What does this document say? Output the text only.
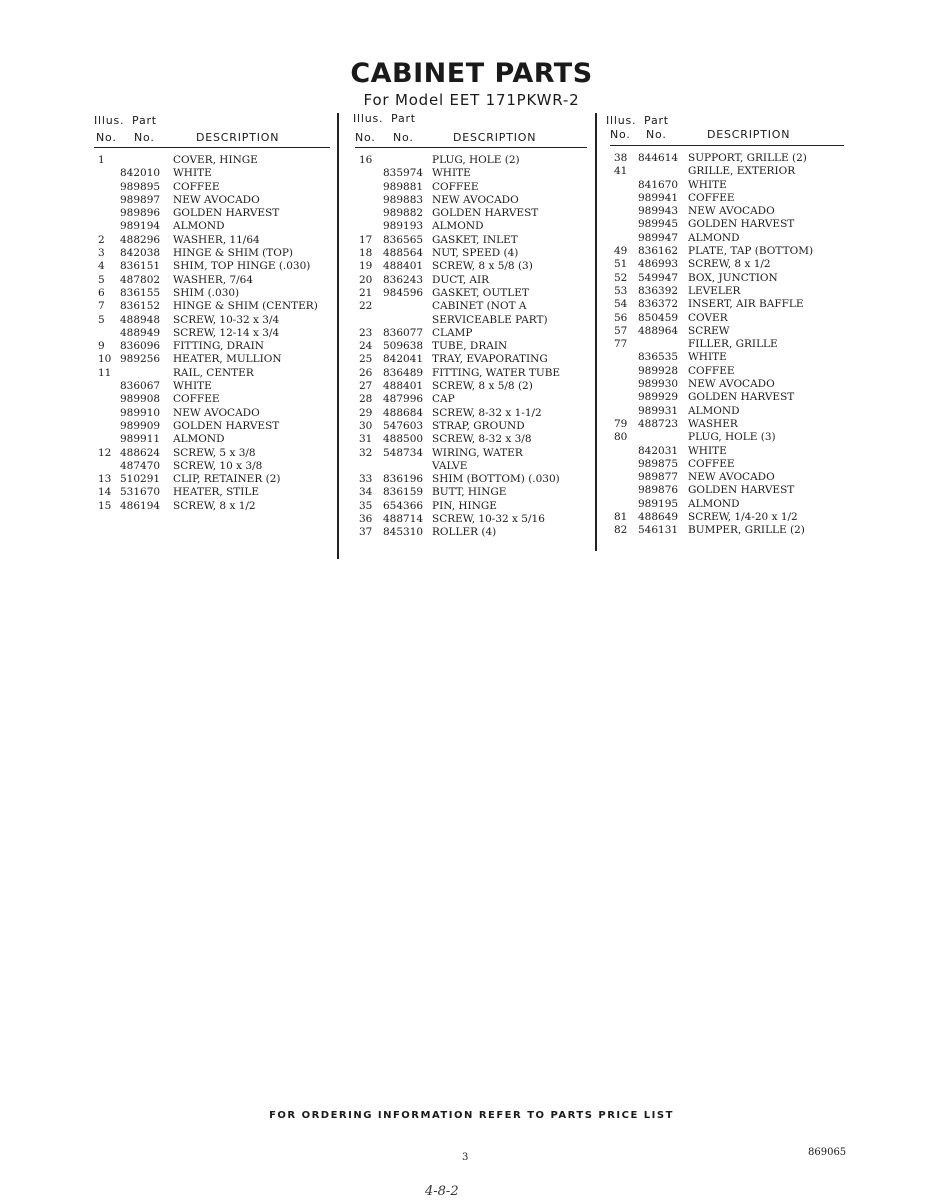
CABINET PARTS
For Model EET 171PKWR-2
Illus.
No.
Part
No.	DESCRIPTION
1	COVER, HINGE
842010 WHITE
989895 COFFEE
989897 NEW AVOCADO
989896 GOLDEN HARVEST
989194 ALMOND
2 488296 WASHER, 11/64
3 842038 HINGE & SHIM (TOP)
4 836151 SHIM, TOP HINGE (.030)
5 487802 WASHER, 7/64
6 836155 SHIM (.030)
7 836152 HINGE & SHIM (CENTER)
5 488948 SCREW, 10-32 x 3/4
488949 SCREW, 12-14 x 3/4
9 836096 FITTING, DRAIN
10 989256 HEATER, MULLION
11	RAIL, CENTER
836067 WHITE
989908 COFFEE
989910 NEW AVOCADO
989909 GOLDEN HARVEST
989911 ALMOND
12 488624 SCREW, 5 x 3/8
487470 SCREW, 10 x 3/8
13 510291 CLIP, RETAINER (2)
14 531670 HEATER, STILE
15 486194 SCREW, 8 x 1/2
Illus.
No.
Part
No.	DESCRIPTION
16	PLUG, HOLE (2)
835974 WHITE
989881 COFFEE
989883 NEW AVOCADO
989882 GOLDEN HARVEST
989193 ALMOND
17 836565 GASKET, INLET
18 488564 NUT, SPEED (4)
19 488401 SCREW, 8 x 5/8 (3)
20 836243 DUCT, AIR
21 984596 GASKET, OUTLET
22	CABINET (NOT A
SERVICEABLE PART)
23 836077 CLAMP
24 509638 TUBE, DRAIN
25 842041 TRAY, EVAPORATING
26 836489 FITTING, WATER TUBE
27 488401 SCREW, 8 x 5/8 (2)
28 487996 CAP
29 488684 SCREW, 8-32 x 1-1/2
30 547603 STRAP, GROUND
31 488500 SCREW, 8-32 x 3/8
32 548734 WIRING, WATER
VALVE
33 836196 SHIM (BOTTOM) (.030)
34 836159 BUTT, HINGE
35 654366 PIN, HINGE
36 488714 SCREW, 10-32 x 5/16
37 845310 ROLLER (4)
Illus.
No.
Part
No.	DESCRIPTION
38 844614 SUPPORT, GRILLE (2)
41	GRILLE, EXTERIOR
841670 WHITE
989941 COFFEE
989943 NEW AVOCADO
989945 GOLDEN HARVEST
989947 ALMOND
49 836162 PLATE, TAP (BOTTOM)
51 486993 SCREW, 8 x 1/2
52 549947 BOX, JUNCTION
53 836392 LEVELER
54 836372 INSERT, AIR BAFFLE
56 850459 COVER
57 488964 SCREW
77	FILLER, GRILLE
836535 WHITE
989928 COFFEE
989930 NEW AVOCADO
989929 GOLDEN HARVEST
989931 ALMOND
79 488723 WASHER
80	PLUG, HOLE (3)
842031 WHITE
989875 COFFEE
989877 NEW AVOCADO
989876 GOLDEN HARVEST
989195 ALMOND
81 488649 SCREW, 1/4-20 x 1/2
82 546131 BUMPER, GRILLE (2)
FOR ORDERING INFORMATION REFER TO PARTS PRICE LIST
3	869065
4-8-2
